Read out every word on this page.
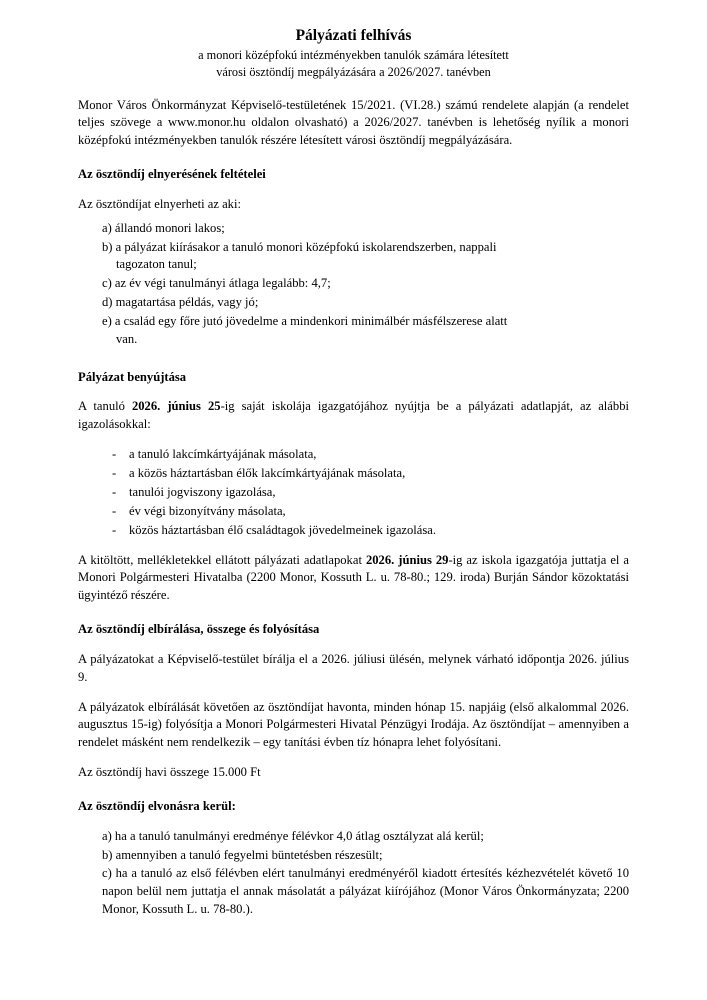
Pályázati felhívás

a monori középfokú intézményekben tanulók számára létesített

városi ösztöndíj megpályázására a 2026/2027. tanévben

Monor Város Önkormányzat Képviselő-testületének 15/2021. (VI.28.) számú rendelete alapján (a rendelet teljes szövege a www.monor.hu oldalon olvasható) a 2026/2027. tanévben is lehetőség nyílik a monori középfokú intézményekben tanulók részére létesített városi ösztöndíj megpályázására.

Az ösztöndíj elnyerésének feltételei

Az ösztöndíjat elnyerheti az aki:

a) állandó monori lakos;
b) a pályázat kiírásakor a tanuló monori középfokú iskolarendszerben, nappali
tagozaton tanul;
c) az év végi tanulmányi átlaga legalább: 4,7;
d) magatartása példás, vagy jó;
e) a család egy főre jutó jövedelme a mindenkori minimálbér másfélszerese alatt
van.
Pályázat benyújtása

A tanuló 2026. június 25-ig saját iskolája igazgatójához nyújtja be a pályázati adatlapját, az alábbi igazolásokkal:

- a tanuló lakcímkártyájának másolata,
- a közös háztartásban élők lakcímkártyájának másolata,
- tanulói jogviszony igazolása,
- év végi bizonyítvány másolata,
- közös háztartásban élő családtagok jövedelmeinek igazolása.

A kitöltött, mellékletekkel ellátott pályázati adatlapokat 2026. június 29-ig az iskola igazgatója juttatja el a Monori Polgármesteri Hivatalba (2200 Monor, Kossuth L. u. 78-80.; 129. iroda) Burján Sándor közoktatási ügyintéző részére.

Az ösztöndíj elbírálása, összege és folyósítása

A pályázatokat a Képviselő-testület bírálja el a 2026. júliusi ülésén, melynek várható időpontja 2026. július 9.

A pályázatok elbírálását követően az ösztöndíjat havonta, minden hónap 15. napjáig (első alkalommal 2026. augusztus 15-ig) folyósítja a Monori Polgármesteri Hivatal Pénzügyi Irodája. Az ösztöndíjat – amennyiben a rendelet másként nem rendelkezik – egy tanítási évben tíz hónapra lehet folyósítani.

Az ösztöndíj havi összege 15.000 Ft

Az ösztöndíj elvonásra kerül:
a) ha a tanuló tanulmányi eredménye félévkor 4,0 átlag osztályzat alá kerül;
b) amennyiben a tanuló fegyelmi büntetésben részesült;
c) ha a tanuló az első félévben elért tanulmányi eredményéről kiadott értesítés kézhezvételét követő 10 napon belül nem juttatja el annak másolatát a pályázat kiírójához (Monor Város Önkormányzata; 2200 Monor, Kossuth L. u. 78-80.).
